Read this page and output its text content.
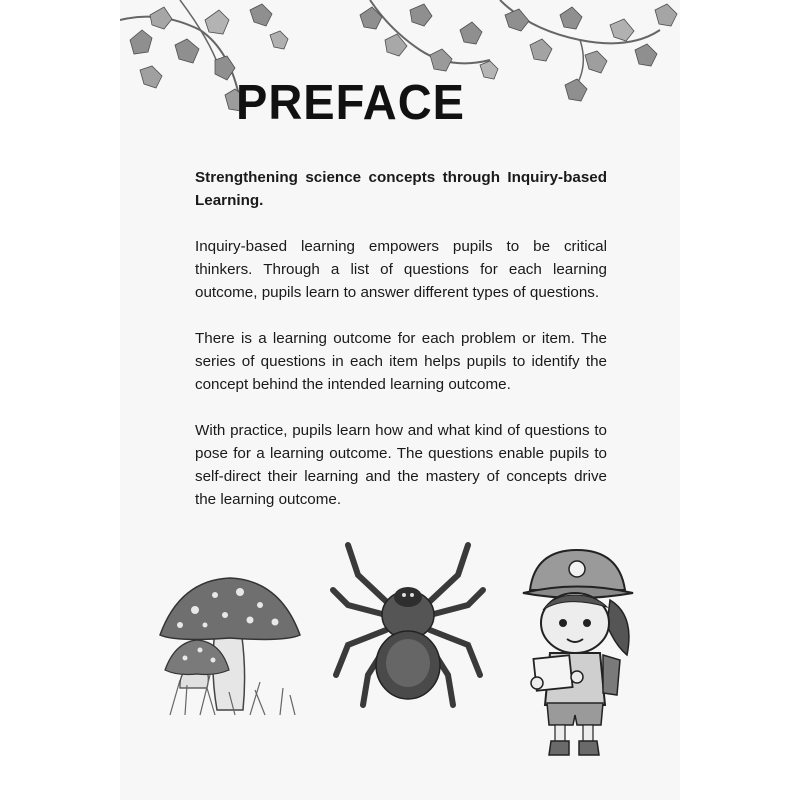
PREFACE

Strengthening science concepts through Inquiry-based Learning.

Inquiry-based learning empowers pupils to be critical thinkers. Through a list of questions for each learning outcome, pupils learn to answer different types of questions.

There is a learning outcome for each problem or item. The series of questions in each item helps pupils to identify the concept behind the intended learning outcome.

With practice, pupils learn how and what kind of questions to pose for a learning outcome. The questions enable pupils to self-direct their learning and the mastery of concepts drive the learning outcome.
